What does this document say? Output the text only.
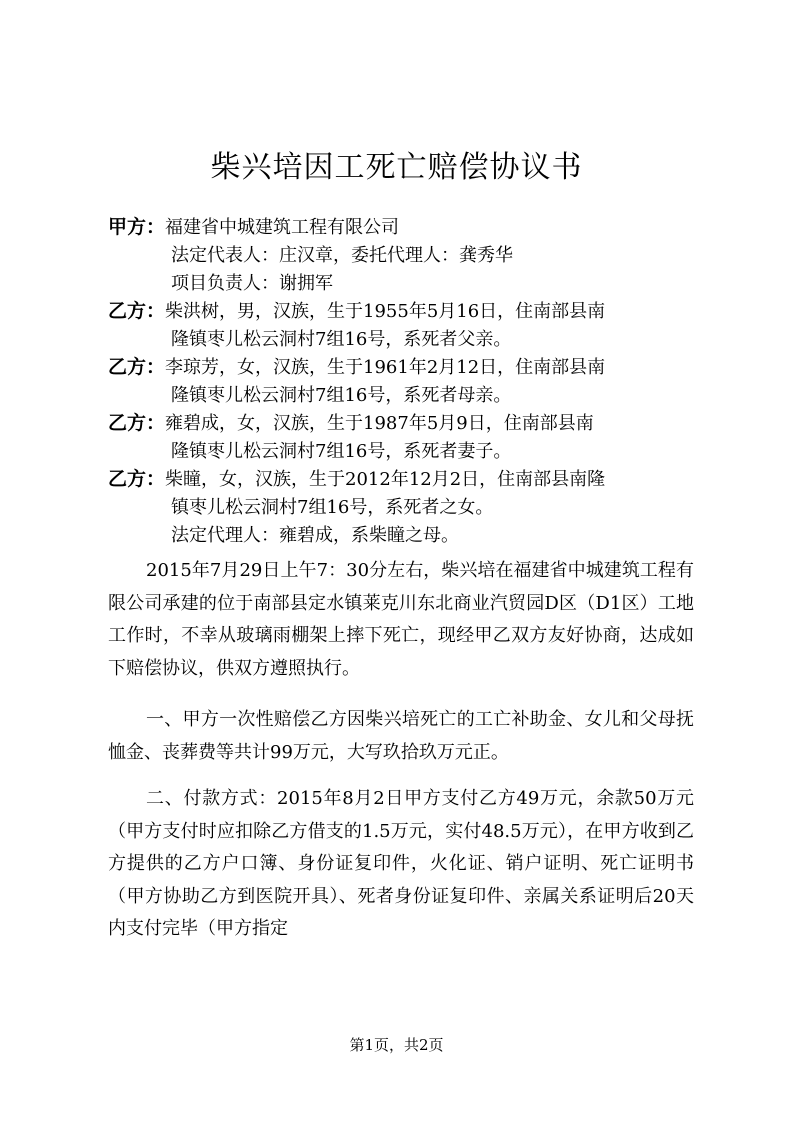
柴兴培因工死亡赔偿协议书
甲方：福建省中城建筑工程有限公司
法定代表人：庄汉章，委托代理人：龚秀华
项目负责人：谢拥军
乙方：柴洪树，男，汉族，生于1955年5月16日，住南部县南
隆镇枣儿松云洞村7组16号，系死者父亲。
乙方：李琼芳，女，汉族，生于1961年2月12日，住南部县南
隆镇枣儿松云洞村7组16号，系死者母亲。
乙方：雍碧成，女，汉族，生于1987年5月9日，住南部县南
隆镇枣儿松云洞村7组16号，系死者妻子。
乙方：柴瞳，女，汉族，生于2012年12月2日，住南部县南隆
镇枣儿松云洞村7组16号，系死者之女。
法定代理人：雍碧成，系柴瞳之母。
2015年7月29日上午7：30分左右，柴兴培在福建省中城建筑工程有限公司承建的位于南部县定水镇莱克川东北商业汽贸园D区（D1区）工地工作时，不幸从玻璃雨棚架上摔下死亡，现经甲乙双方友好协商，达成如下赔偿协议，供双方遵照执行。
一、甲方一次性赔偿乙方因柴兴培死亡的工亡补助金、女儿和父母抚恤金、丧葬费等共计99万元，大写玖拾玖万元正。
二、付款方式：2015年8月2日甲方支付乙方49万元，余款50万元（甲方支付时应扣除乙方借支的1.5万元，实付48.5万元），在甲方收到乙方提供的乙方户口簿、身份证复印件，火化证、销户证明、死亡证明书（甲方协助乙方到医院开具）、死者身份证复印件、亲属关系证明后20天内支付完毕（甲方指定
第1页，共2页
